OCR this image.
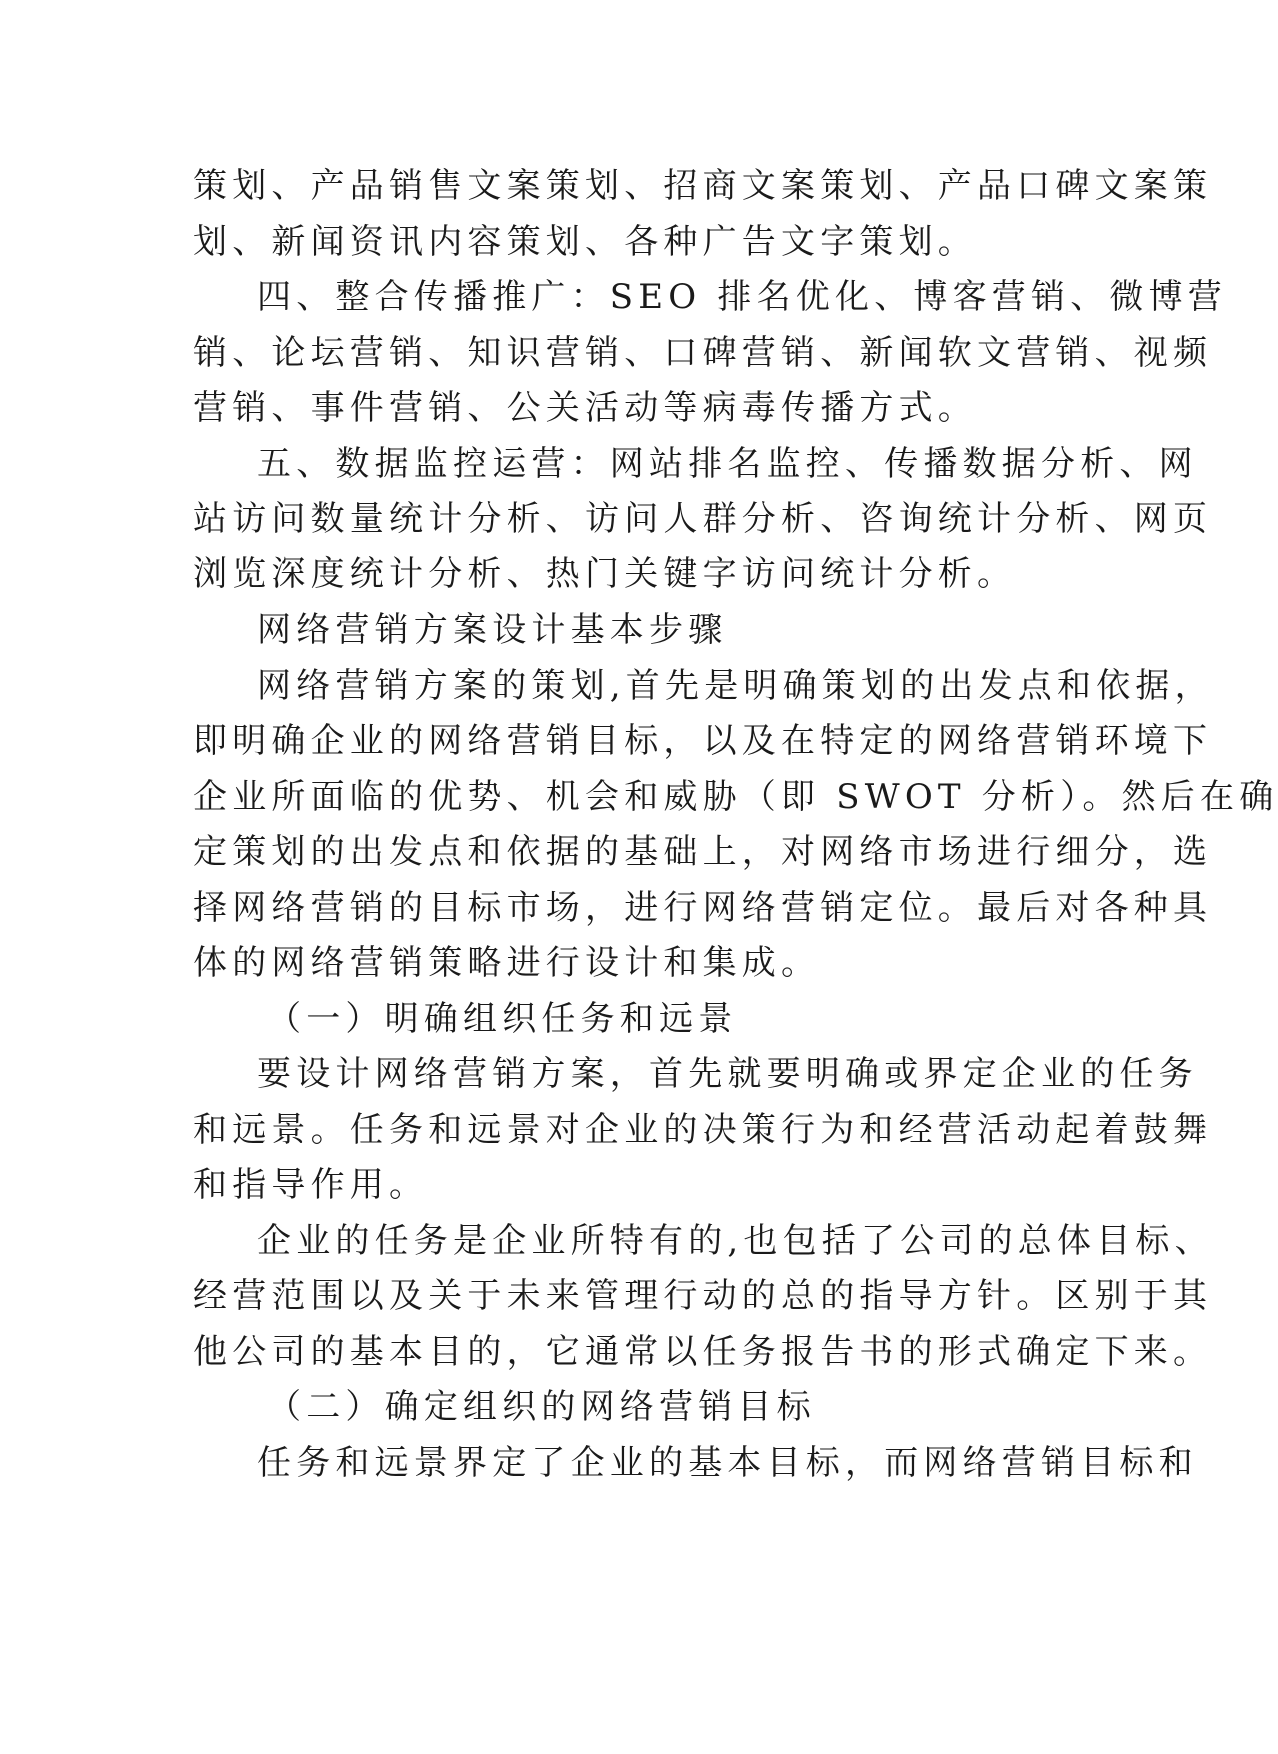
策划、产品销售文案策划、招商文案策划、产品口碑文案策
划、新闻资讯内容策划、各种广告文字策划。
四、整合传播推广：SEO 排名优化、博客营销、微博营
销、论坛营销、知识营销、口碑营销、新闻软文营销、视频
营销、事件营销、公关活动等病毒传播方式。
五、数据监控运营：网站排名监控、传播数据分析、网
站访问数量统计分析、访问人群分析、咨询统计分析、网页
浏览深度统计分析、热门关键字访问统计分析。
网络营销方案设计基本步骤
网络营销方案的策划,首先是明确策划的出发点和依据，
即明确企业的网络营销目标，以及在特定的网络营销环境下
企业所面临的优势、机会和威胁（即 SWOT 分析）。然后在确
定策划的出发点和依据的基础上，对网络市场进行细分，选
择网络营销的目标市场，进行网络营销定位。最后对各种具
体的网络营销策略进行设计和集成。
（一）明确组织任务和远景
要设计网络营销方案，首先就要明确或界定企业的任务
和远景。任务和远景对企业的决策行为和经营活动起着鼓舞
和指导作用。
企业的任务是企业所特有的,也包括了公司的总体目标、
经营范围以及关于未来管理行动的总的指导方针。区别于其
他公司的基本目的，它通常以任务报告书的形式确定下来。
（二）确定组织的网络营销目标
任务和远景界定了企业的基本目标，而网络营销目标和
